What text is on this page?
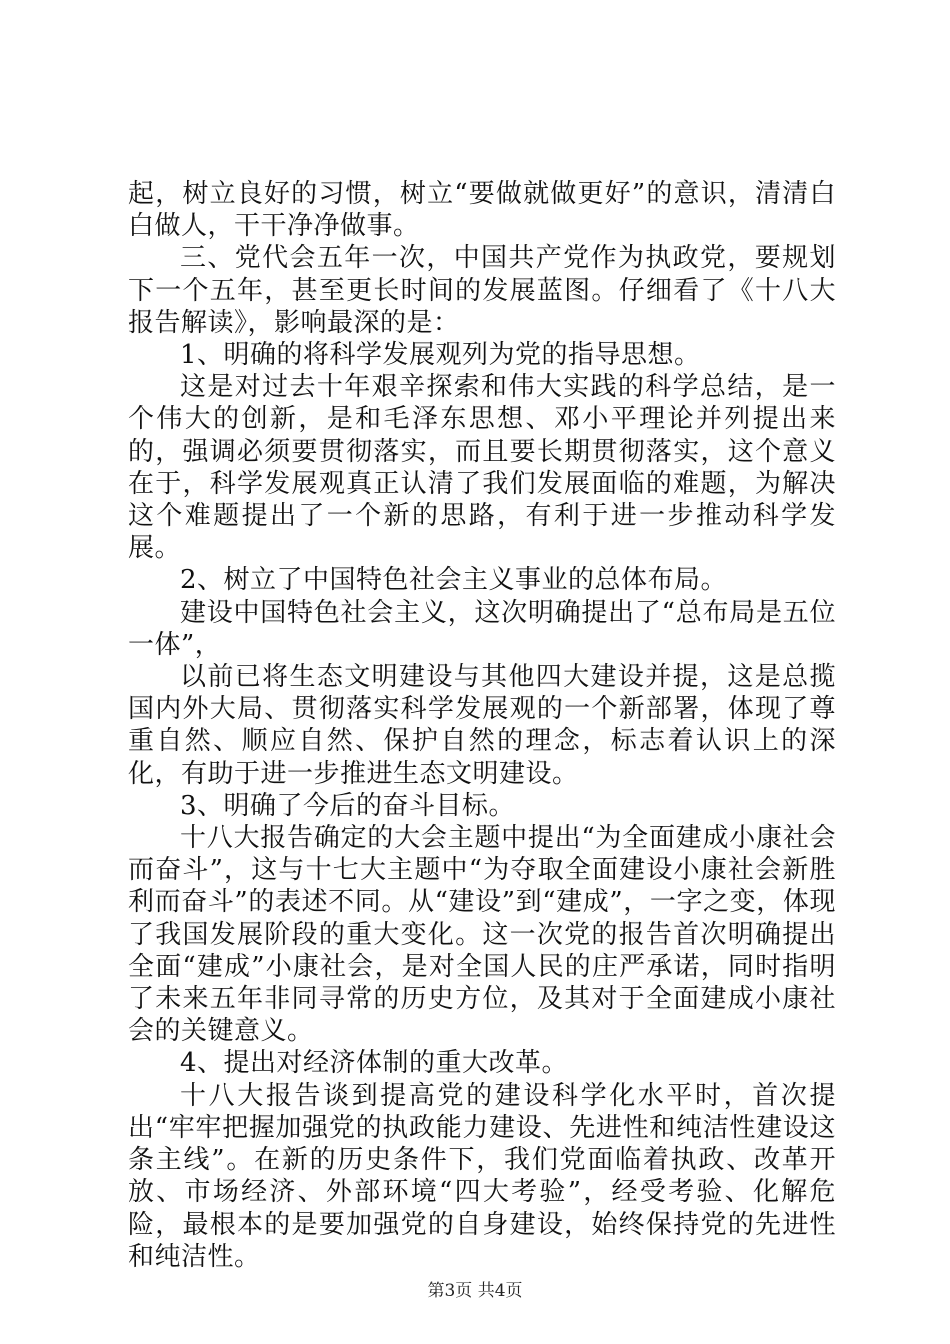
起，树立良好的习惯，树立“要做就做更好”的意识，清清白白做人，干干净净做事。

三、党代会五年一次，中国共产党作为执政党，要规划下一个五年，甚至更长时间的发展蓝图。仔细看了《十八大报告解读》，影响最深的是：

1、明确的将科学发展观列为党的指导思想。

这是对过去十年艰辛探索和伟大实践的科学总结，是一个伟大的创新，是和毛泽东思想、邓小平理论并列提出来的，强调必须要贯彻落实，而且要长期贯彻落实，这个意义在于，科学发展观真正认清了我们发展面临的难题，为解决这个难题提出了一个新的思路，有利于进一步推动科学发展。

2、树立了中国特色社会主义事业的总体布局。

建设中国特色社会主义，这次明确提出了“总布局是五位一体”，

以前已将生态文明建设与其他四大建设并提，这是总揽国内外大局、贯彻落实科学发展观的一个新部署，体现了尊重自然、顺应自然、保护自然的理念，标志着认识上的深化，有助于进一步推进生态文明建设。

3、明确了今后的奋斗目标。

十八大报告确定的大会主题中提出“为全面建成小康社会而奋斗”，这与十七大主题中“为夺取全面建设小康社会新胜利而奋斗”的表述不同。从“建设”到“建成”，一字之变，体现了我国发展阶段的重大变化。这一次党的报告首次明确提出全面“建成”小康社会，是对全国人民的庄严承诺，同时指明了未来五年非同寻常的历史方位，及其对于全面建成小康社会的关键意义。

4、提出对经济体制的重大改革。

十八大报告谈到提高党的建设科学化水平时，首次提出“牢牢把握加强党的执政能力建设、先进性和纯洁性建设这条主线”。在新的历史条件下，我们党面临着执政、改革开放、市场经济、外部环境“四大考验”，经受考验、化解危险，最根本的是要加强党的自身建设，始终保持党的先进性和纯洁性。

第3页 共4页
